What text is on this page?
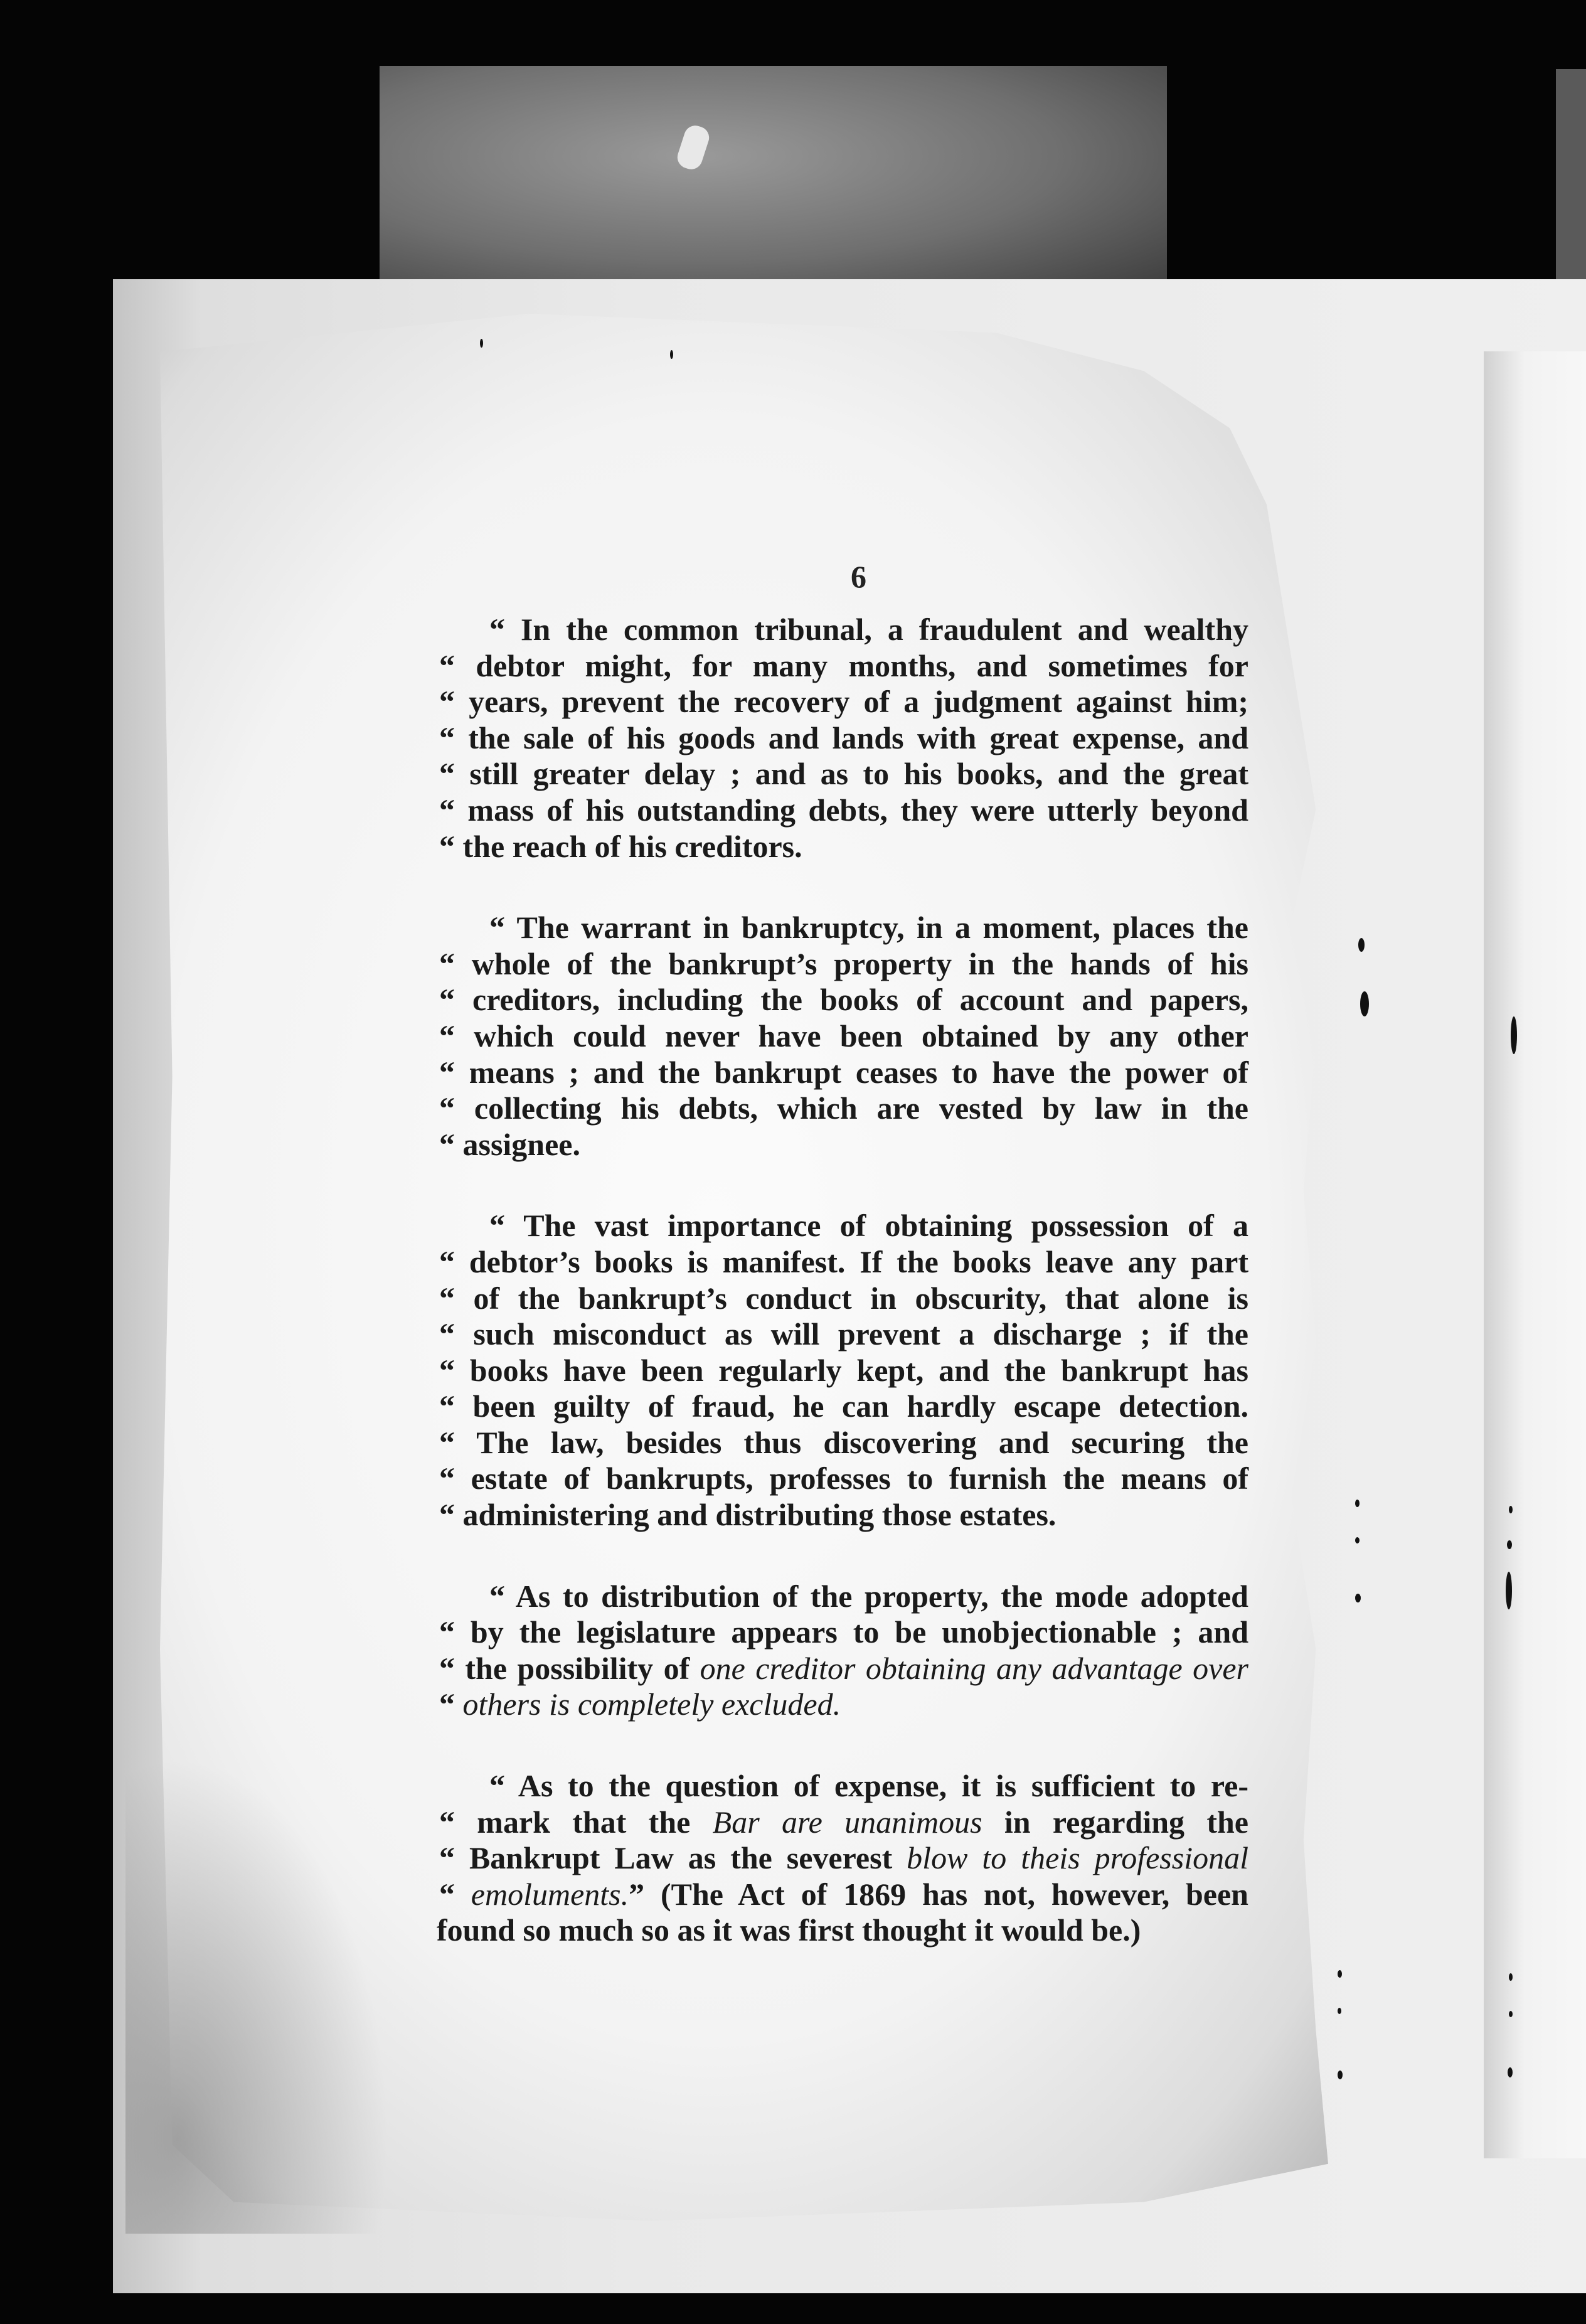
6
“ In the common tribunal, a fraudulent and wealthy
“ debtor might, for many months, and sometimes for
“ years, prevent the recovery of a judgment against him;
“ the sale of his goods and lands with great expense, and
“ still greater delay ; and as to his books, and the great
“ mass of his outstanding debts, they were utterly beyond
“ the reach of his creditors.
“ The warrant in bankruptcy, in a moment, places the
“ whole of the bankrupt’s property in the hands of his
“ creditors, including the books of account and papers,
“ which could never have been obtained by any other
“ means ; and the bankrupt ceases to have the power of
“ collecting his debts, which are vested by law in the
“ assignee.
“ The vast importance of obtaining possession of a
“ debtor’s books is manifest. If the books leave any part
“ of the bankrupt’s conduct in obscurity, that alone is
“ such misconduct as will prevent a discharge ; if the
“ books have been regularly kept, and the bankrupt has
“ been guilty of fraud, he can hardly escape detection.
“ The law, besides thus discovering and securing the
“ estate of bankrupts, professes to furnish the means of
“ administering and distributing those estates.
“ As to distribution of the property, the mode adopted
“ by the legislature appears to be unobjectionable ; and
“ the possibility of one creditor obtaining any advantage over
“ others is completely excluded.
“ As to the question of expense, it is sufficient to re-
“ mark that the Bar are unanimous in regarding the
“ Bankrupt Law as the severest blow to theis professional
“ emoluments.” (The Act of 1869 has not, however, been
found so much so as it was first thought it would be.)
